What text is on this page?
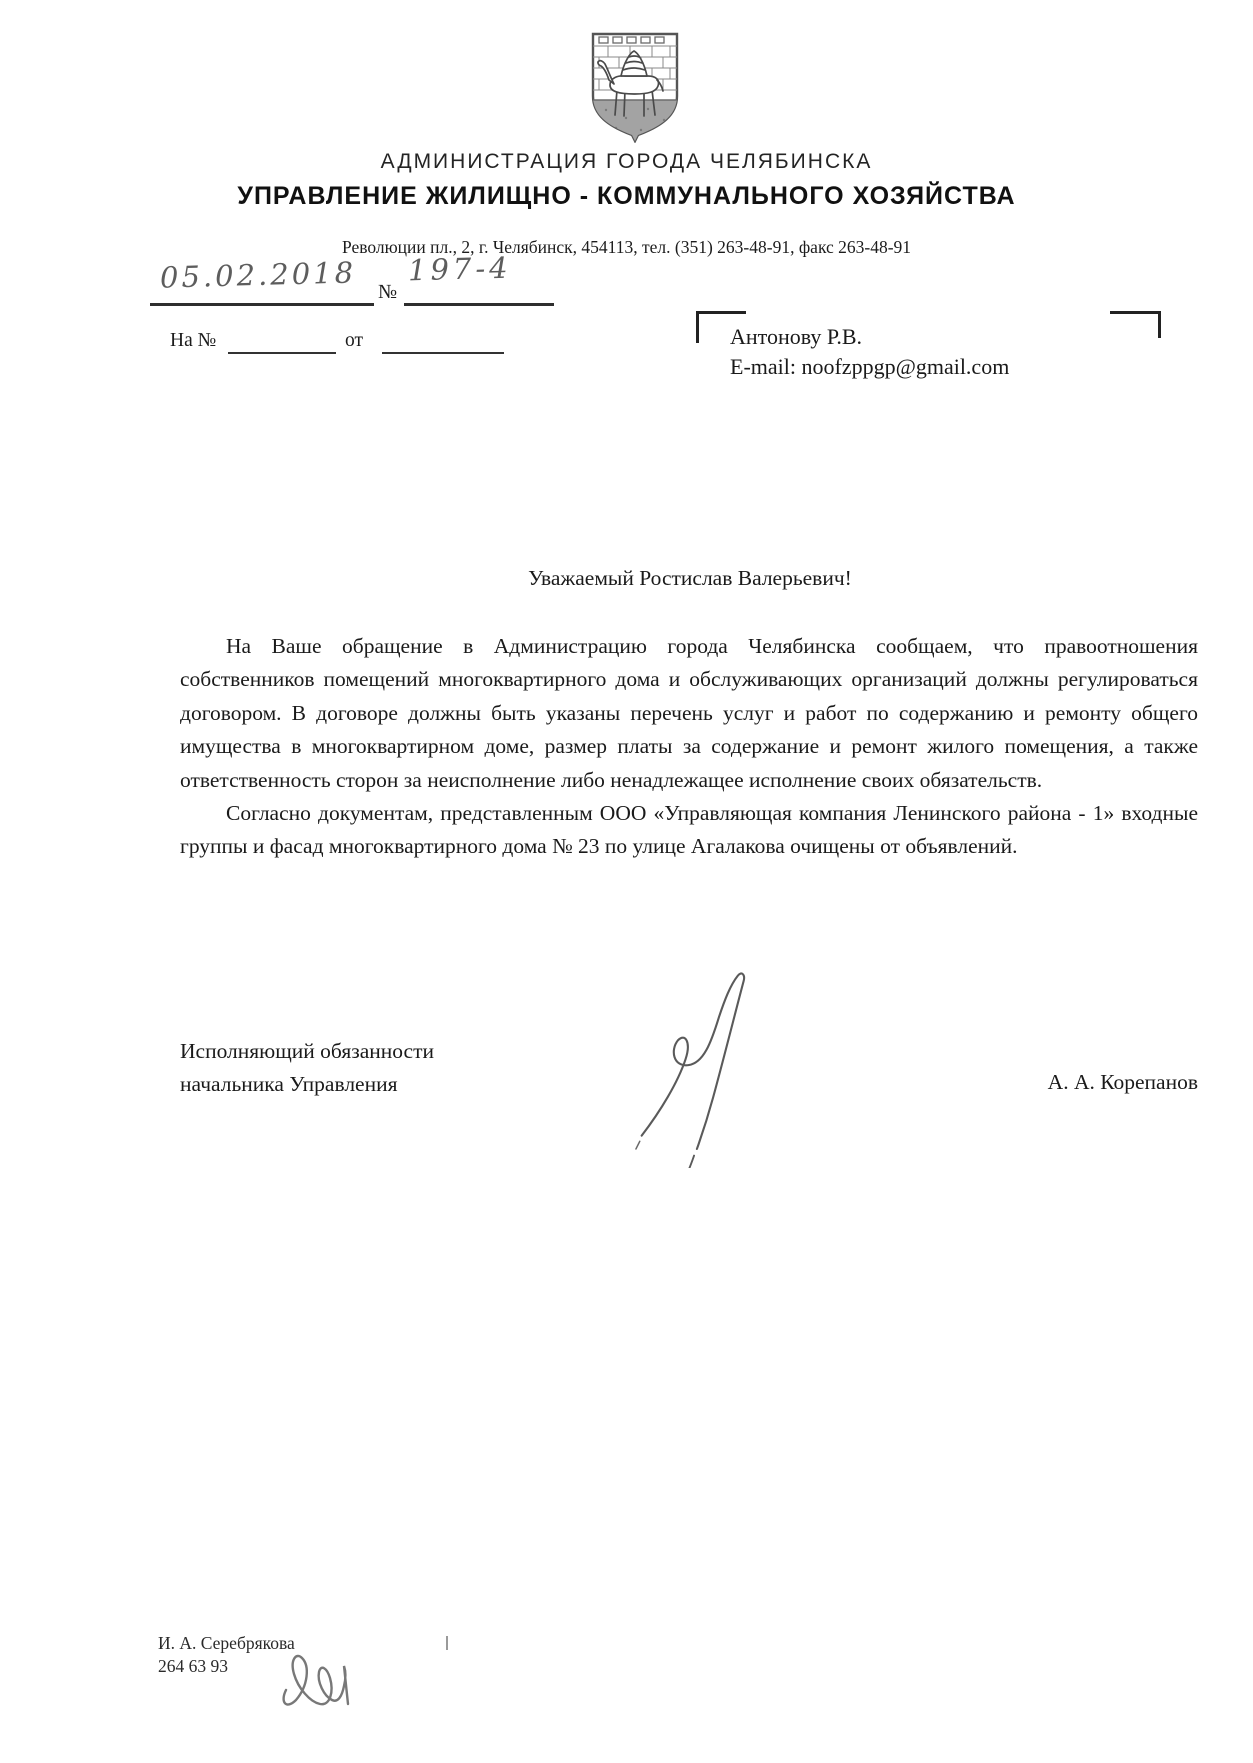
АДМИНИСТРАЦИЯ ГОРОДА ЧЕЛЯБИНСКА
УПРАВЛЕНИЕ ЖИЛИЩНО - КОММУНАЛЬНОГО ХОЗЯЙСТВА
Революции пл., 2, г. Челябинск, 454113, тел. (351) 263-48-91, факс 263-48-91
05.02.2018 №
197-4
На №	от	Антонову Р.В.
E-mail: noofzppgp@gmail.com
Уважаемый Ростислав Валерьевич!

На Ваше обращение в Администрацию города Челябинска сообщаем, что правоотношения собственников помещений многоквартирного дома и обслуживающих организаций должны регулироваться договором. В договоре должны быть указаны перечень услуг и работ по содержанию и ремонту общего имущества в многоквартирном доме, размер платы за содержание и ремонт жилого помещения, а также ответственность сторон за неисполнение либо ненадлежащее исполнение своих обязательств.

Согласно документам, представленным ООО «Управляющая компания Ленинского района - 1» входные группы и фасад многоквартирного дома № 23 по улице Агалакова очищены от объявлений.

Исполняющий обязанности
начальника Управления	А. А. Корепанов
И. А. Серебрякова
264 63 93
